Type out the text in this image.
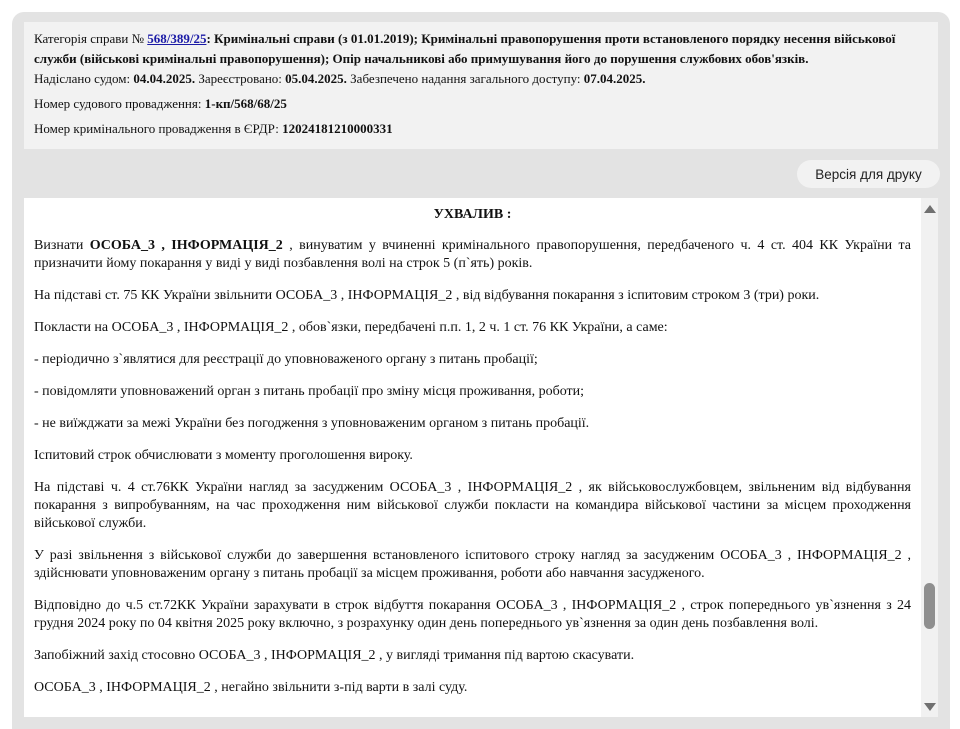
Категорія справи № 568/389/25: Кримінальні справи (з 01.01.2019); Кримінальні правопорушення проти встановленого порядку несення військової служби (військові кримінальні правопорушення); Опір начальникові або примушування його до порушення службових обов'язків.
Надіслано судом: 04.04.2025. Зареєстровано: 05.04.2025. Забезпечено надання загального доступу: 07.04.2025.
Номер судового провадження: 1-кп/568/68/25
Номер кримінального провадження в ЄРДР: 12024181210000331
Версія для друку
УХВАЛИВ :

Визнати ОСОБА_3 , ІНФОРМАЦІЯ_2 , винуватим у вчиненні кримінального правопорушення, передбаченого ч. 4 ст. 404 КК України та призначити йому покарання у виді у виді позбавлення волі на строк 5 (п`ять) років.

На підставі ст. 75 КК України звільнити ОСОБА_3 , ІНФОРМАЦІЯ_2 , від відбування покарання з іспитовим строком 3 (три) роки.

Покласти на ОСОБА_3 , ІНФОРМАЦІЯ_2 , обов`язки, передбачені п.п. 1, 2 ч. 1 ст. 76 КК України, а саме:

- періодично з`являтися для реєстрації до уповноваженого органу з питань пробації;

- повідомляти уповноважений орган з питань пробації про зміну місця проживання, роботи;

- не виїжджати за межі України без погодження з уповноваженим органом з питань пробації.

Іспитовий строк обчислювати з моменту проголошення вироку.

На підставі ч. 4 ст.76КК України нагляд за засудженим ОСОБА_3 , ІНФОРМАЦІЯ_2 , як військовослужбовцем, звільненим від відбування покарання з випробуванням, на час проходження ним військової служби покласти на командира військової частини за місцем проходження військової служби.

У разі звільнення з військової служби до завершення встановленого іспитового строку нагляд за засудженим ОСОБА_3 , ІНФОРМАЦІЯ_2 , здійснювати уповноваженим органу з питань пробації за місцем проживання, роботи або навчання засудженого.

Відповідно до ч.5 ст.72КК України зарахувати в строк відбуття покарання ОСОБА_3 , ІНФОРМАЦІЯ_2 , строк попереднього ув`язнення з 24 грудня 2024 року по 04 квітня 2025 року включно, з розрахунку один день попереднього ув`язнення за один день позбавлення волі.

Запобіжний захід стосовно ОСОБА_3 , ІНФОРМАЦІЯ_2 , у вигляді тримання під вартою скасувати.

ОСОБА_3 , ІНФОРМАЦІЯ_2 , негайно звільнити з-під варти в залі суду.
